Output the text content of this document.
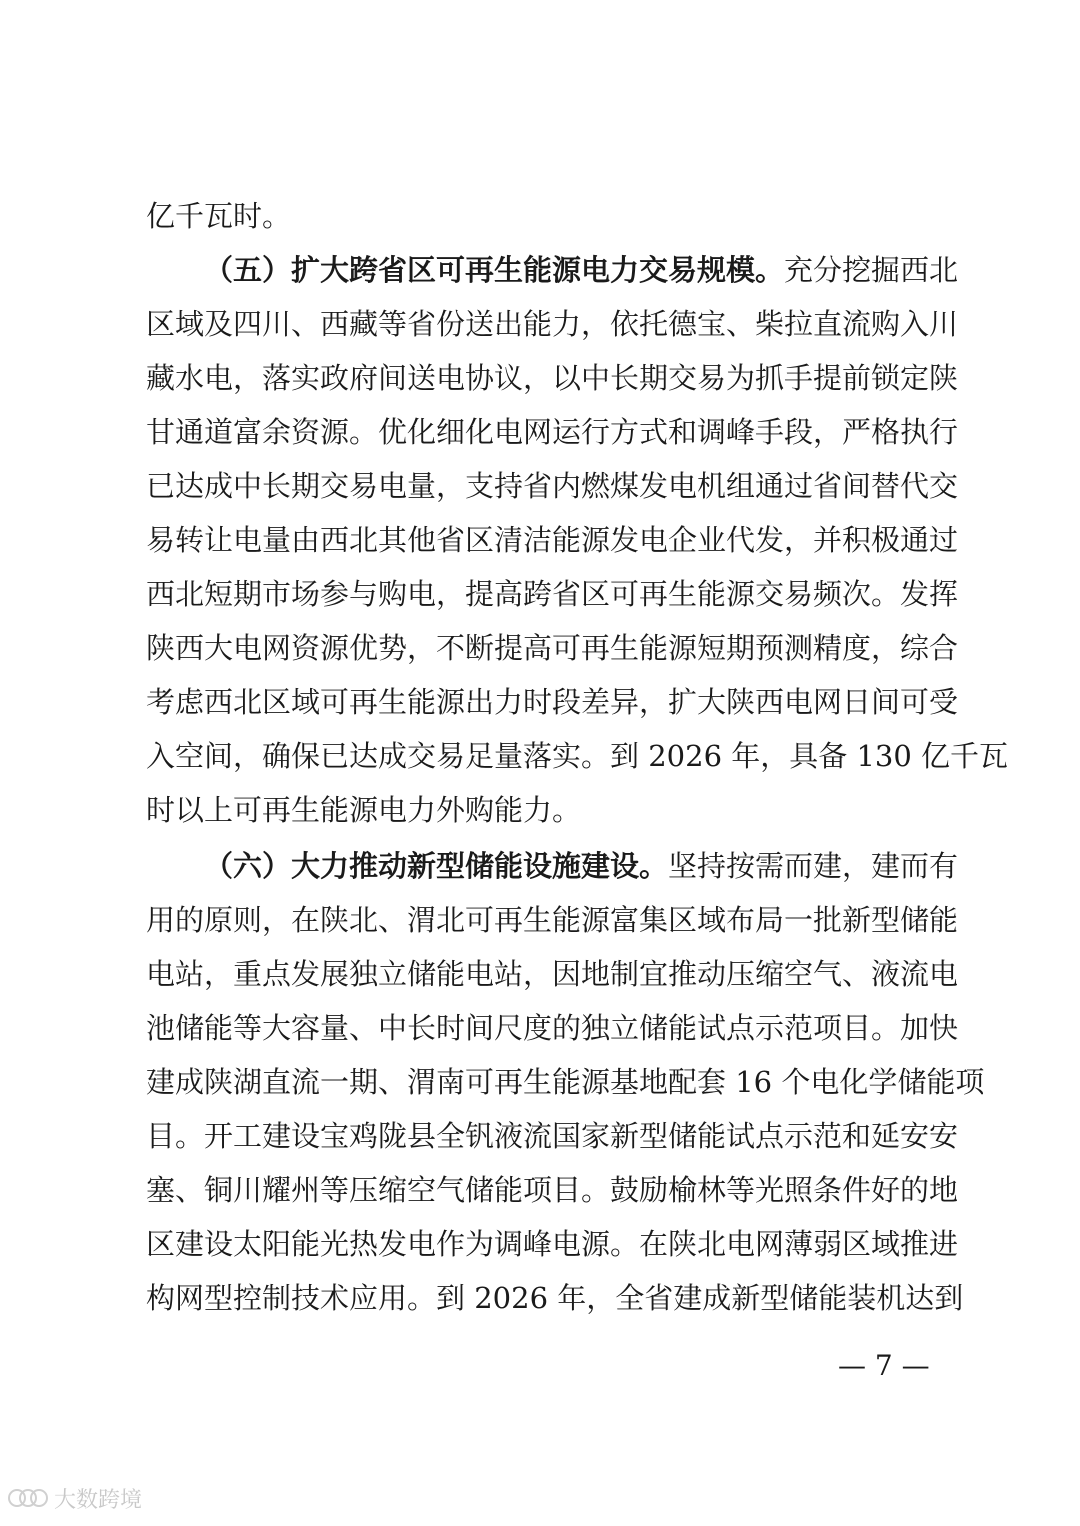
亿千瓦时。
（五）扩大跨省区可再生能源电力交易规模。充分挖掘西北
区域及四川、西藏等省份送出能力，依托德宝、柴拉直流购入川
藏水电，落实政府间送电协议，以中长期交易为抓手提前锁定陕
甘通道富余资源。优化细化电网运行方式和调峰手段，严格执行
已达成中长期交易电量，支持省内燃煤发电机组通过省间替代交
易转让电量由西北其他省区清洁能源发电企业代发，并积极通过
西北短期市场参与购电，提高跨省区可再生能源交易频次。发挥
陕西大电网资源优势，不断提高可再生能源短期预测精度，综合
考虑西北区域可再生能源出力时段差异，扩大陕西电网日间可受
入空间，确保已达成交易足量落实。到 2026 年，具备 130 亿千瓦
时以上可再生能源电力外购能力。
（六）大力推动新型储能设施建设。坚持按需而建，建而有
用的原则，在陕北、渭北可再生能源富集区域布局一批新型储能
电站，重点发展独立储能电站，因地制宜推动压缩空气、液流电
池储能等大容量、中长时间尺度的独立储能试点示范项目。加快
建成陕湖直流一期、渭南可再生能源基地配套 16 个电化学储能项
目。开工建设宝鸡陇县全钒液流国家新型储能试点示范和延安安
塞、铜川耀州等压缩空气储能项目。鼓励榆林等光照条件好的地
区建设太阳能光热发电作为调峰电源。在陕北电网薄弱区域推进
构网型控制技术应用。到 2026 年，全省建成新型储能装机达到
— 7 —
大数跨境
